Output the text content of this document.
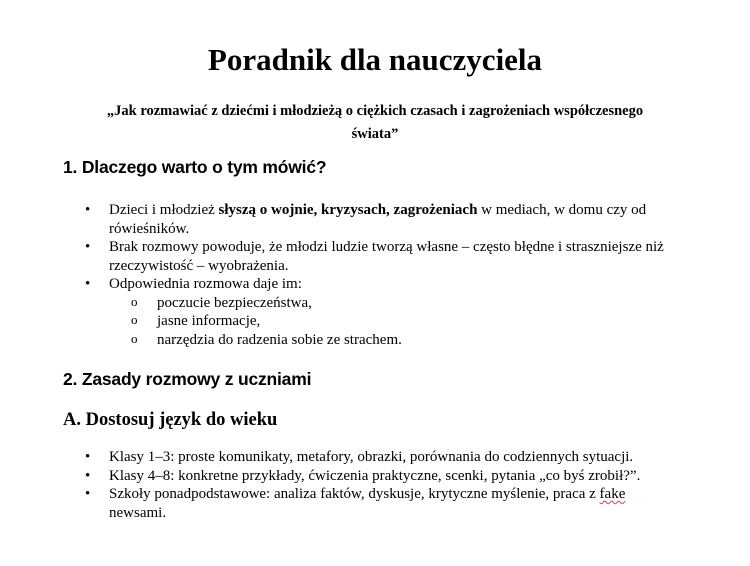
Poradnik dla nauczyciela
„Jak rozmawiać z dziećmi i młodzieżą o ciężkich czasach i zagrożeniach współczesnego
świata”
1. Dlaczego warto o tym mówić?
• Dzieci i młodzież słyszą o wojnie, kryzysach, zagrożeniach w mediach, w domu czy od rówieśników.
• Brak rozmowy powoduje, że młodzi ludzie tworzą własne – często błędne i straszniejsze niż rzeczywistość – wyobrażenia.
• Odpowiednia rozmowa daje im:
o poczucie bezpieczeństwa,
o jasne informacje,
o narzędzia do radzenia sobie ze strachem.
2. Zasady rozmowy z uczniami
A. Dostosuj język do wieku
• Klasy 1–3: proste komunikaty, metafory, obrazki, porównania do codziennych sytuacji.
• Klasy 4–8: konkretne przykłady, ćwiczenia praktyczne, scenki, pytania „co byś zrobił?”.
• Szkoły ponadpodstawowe: analiza faktów, dyskusje, krytyczne myślenie, praca z fake newsami.
